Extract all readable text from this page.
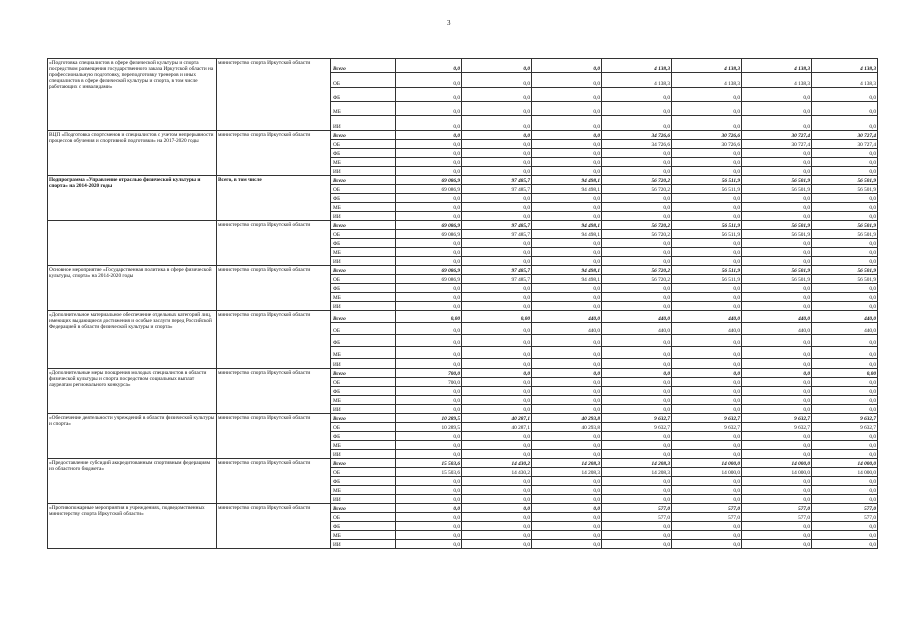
3
«Подготовка специалистов в сфере физической культуры и спорта посредством размещения государственного заказа Иркутской области на профессиональную подготовку, переподготовку тренеров и иных специалистов в сфере физической культуры и спорта, в том числе работающих с инвалидами»	министерство спорта Иркутской области	Всего	0,0	0,0	0,0	4 138,3	4 138,3	4 138,3	4 138,3
		ОБ	0,0	0,0	0,0	4 138,3	4 138,3	4 138,3	4 138,3
		ФБ	0,0	0,0	0,0	0,0	0,0	0,0	0,0
		МБ	0,0	0,0	0,0	0,0	0,0	0,0	0,0
		ИИ	0,0	0,0	0,0	0,0	0,0	0,0	0,0
ВЦП «Подготовка спортсменов и специалистов с учетом непрерывности процессов обучения и спортивной подготовки» на 2017-2020 годы	министерство спорта Иркутской области	Всего	0,0	0,0	0,0	34 726,6	30 726,6	30 727,4	30 727,4
		ОБ	0,0	0,0	0,0	34 726,6	30 726,6	30 727,4	30 727,4
		ФБ	0,0	0,0	0,0	0,0	0,0	0,0	0,0
		МБ	0,0	0,0	0,0	0,0	0,0	0,0	0,0
		ИИ	0,0	0,0	0,0	0,0	0,0	0,0	0,0
Подпрограмма «Управление отраслью физической культуры и спорта» на 2014-2020 годы	Всего, в том числе	Всего	69 086,9	97 485,7	94 498,1	56 720,2	56 511,9	56 501,9	56 501,9
		ОБ	69 086,9	97 485,7	94 498,1	56 720,2	56 511,9	56 501,9	56 501,9
		ФБ	0,0	0,0	0,0	0,0	0,0	0,0	0,0
		МБ	0,0	0,0	0,0	0,0	0,0	0,0	0,0
		ИИ	0,0	0,0	0,0	0,0	0,0	0,0	0,0
	министерство спорта Иркутской области	Всего	69 086,9	97 485,7	94 498,1	56 720,2	56 511,9	56 501,9	56 501,9
		ОБ	69 086,9	97 485,7	94 498,1	56 720,2	56 511,9	56 501,9	56 501,9
		ФБ	0,0	0,0	0,0	0,0	0,0	0,0	0,0
		МБ	0,0	0,0	0,0	0,0	0,0	0,0	0,0
		ИИ	0,0	0,0	0,0	0,0	0,0	0,0	0,0
Основное мероприятие «Государственная политика в сфере физической культуры, спорта» на 2014-2020 годы	министерство спорта Иркутской области	Всего	69 086,9	97 485,7	94 498,1	56 720,2	56 511,9	56 501,9	56 501,9
		ОБ	69 086,9	97 485,7	94 498,1	56 720,2	56 511,9	56 501,9	56 501,9
		ФБ	0,0	0,0	0,0	0,0	0,0	0,0	0,0
		МБ	0,0	0,0	0,0	0,0	0,0	0,0	0,0
		ИИ	0,0	0,0	0,0	0,0	0,0	0,0	0,0
«Дополнительное материальное обеспечение отдельных категорий лиц, имеющих выдающиеся достижения и особые заслуги перед Российской Федерацией в области физической культуры и спорта»	министерство спорта Иркутской области	Всего	0,00	0,00	440,0	440,0	440,0	440,0	440,0
		ОБ	0,0	0,0	440,0	440,0	440,0	440,0	440,0
		ФБ	0,0	0,0	0,0	0,0	0,0	0,0	0,0
		МБ	0,0	0,0	0,0	0,0	0,0	0,0	0,0
		ИИ	0,0	0,0	0,0	0,0	0,0	0,0	0,0
«Дополнительные меры поощрения молодых специалистов в области физической культуры и спорта посредством социальных выплат лауреатам регионального конкурса»	министерство спорта Иркутской области	Всего	700,0	0,0	0,0	0,0	0,0	0,0	0,00
		ОБ	700,0	0,0	0,0	0,0	0,0	0,0	0,0
		ФБ	0,0	0,0	0,0	0,0	0,0	0,0	0,0
		МБ	0,0	0,0	0,0	0,0	0,0	0,0	0,0
		ИИ	0,0	0,0	0,0	0,0	0,0	0,0	0,0
«Обеспечение деятельности учреждений в области физической культуры и спорта»	министерство спорта Иркутской области	Всего	10 289,5	40 287,1	40 293,8	9 632,7	9 632,7	9 632,7	9 632,7
		ОБ	10 289,5	40 287,1	40 293,8	9 632,7	9 632,7	9 632,7	9 632,7
		ФБ	0,0	0,0	0,0	0,0	0,0	0,0	0,0
		МБ	0,0	0,0	0,0	0,0	0,0	0,0	0,0
		ИИ	0,0	0,0	0,0	0,0	0,0	0,0	0,0
«Предоставление субсидий аккредитованным спортивным федерациям из областного бюджета»	министерство спорта Иркутской области	Всего	15 503,6	14 430,2	14 208,3	14 208,3	14 000,0	14 000,0	14 000,0
		ОБ	15 503,6	14 430,2	14 208,3	14 208,3	14 000,0	14 000,0	14 000,0
		ФБ	0,0	0,0	0,0	0,0	0,0	0,0	0,0
		МБ	0,0	0,0	0,0	0,0	0,0	0,0	0,0
		ИИ	0,0	0,0	0,0	0,0	0,0	0,0	0,0
«Противопожарные мероприятия в учреждениях, подведомственных министерству спорта Иркутской области»	министерство спорта Иркутской области	Всего	0,0	0,0	0,0	577,0	577,0	577,0	577,0
		ОБ	0,0	0,0	0,0	577,0	577,0	577,0	577,0
		ФБ	0,0	0,0	0,0	0,0	0,0	0,0	0,0
		МБ	0,0	0,0	0,0	0,0	0,0	0,0	0,0
		ИИ	0,0	0,0	0,0	0,0	0,0	0,0	0,0
